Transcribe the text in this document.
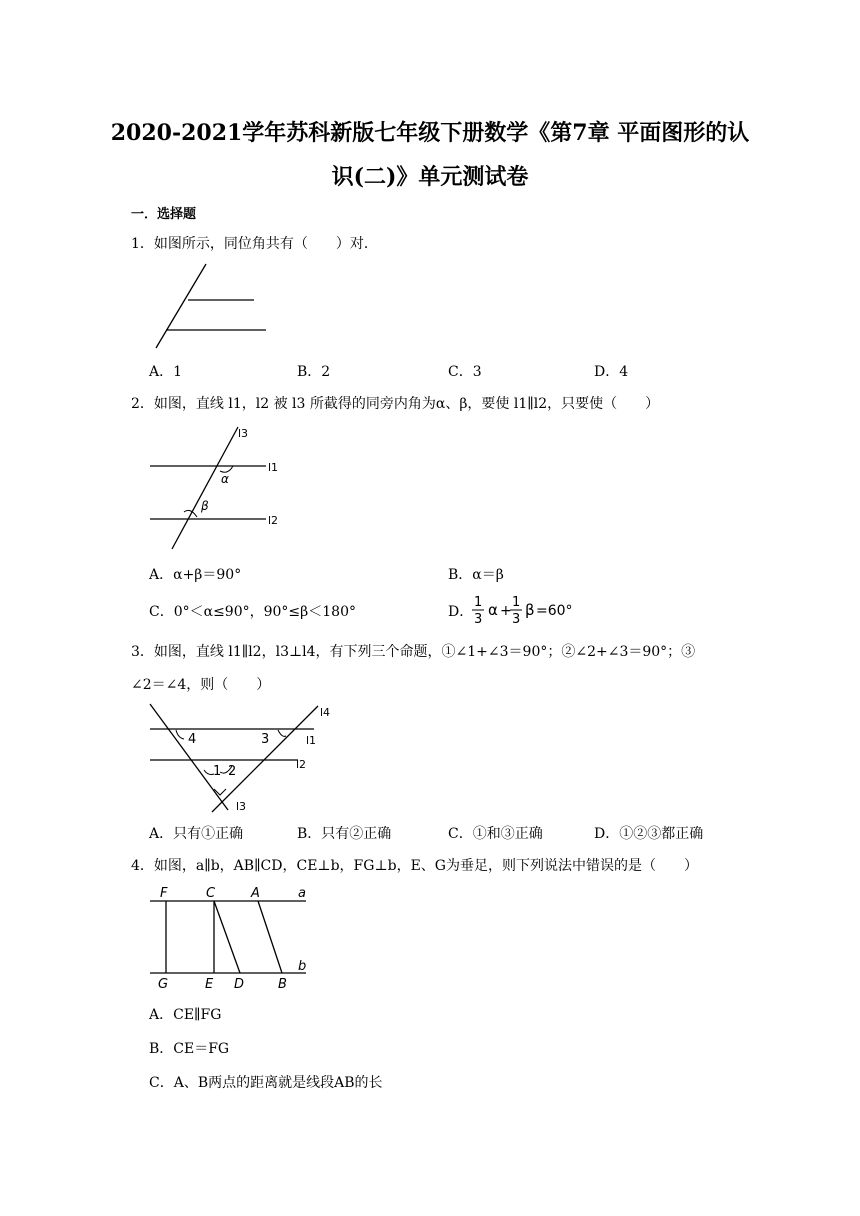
2020-2021学年苏科新版七年级下册数学《第7章 平面图形的认
识(二)》单元测试卷
一．选择题
1．如图所示，同位角共有（　　）对．
A．1	B．2	C．3	D．4
2．如图，直线 l1，l2 被 l3 所截得的同旁内角为α、β，要使 l1∥l2，只要使（　　）
l3
l1
l2
α
β
A．α+β＝90°	B．α＝β
C．0°＜α≤90°，90°≤β＜180°	D．
1
3
α +
1
3
β =60°
3．如图，直线 l1∥l2，l3⊥l4，有下列三个命题，①∠1+∠3＝90°；②∠2+∠3＝90°；③
∠2＝∠4，则（　　）
l4
l1
l2
l3
4	3
1 2
A．只有①正确	B．只有②正确	C．①和③正确	D．①②③都正确
4．如图，a∥b，AB∥CD，CE⊥b，FG⊥b，E、G为垂足，则下列说法中错误的是（　　）
F	C	A	a
G	E D	B
b
A．CE∥FG
B．CE＝FG
C．A、B两点的距离就是线段AB的长
